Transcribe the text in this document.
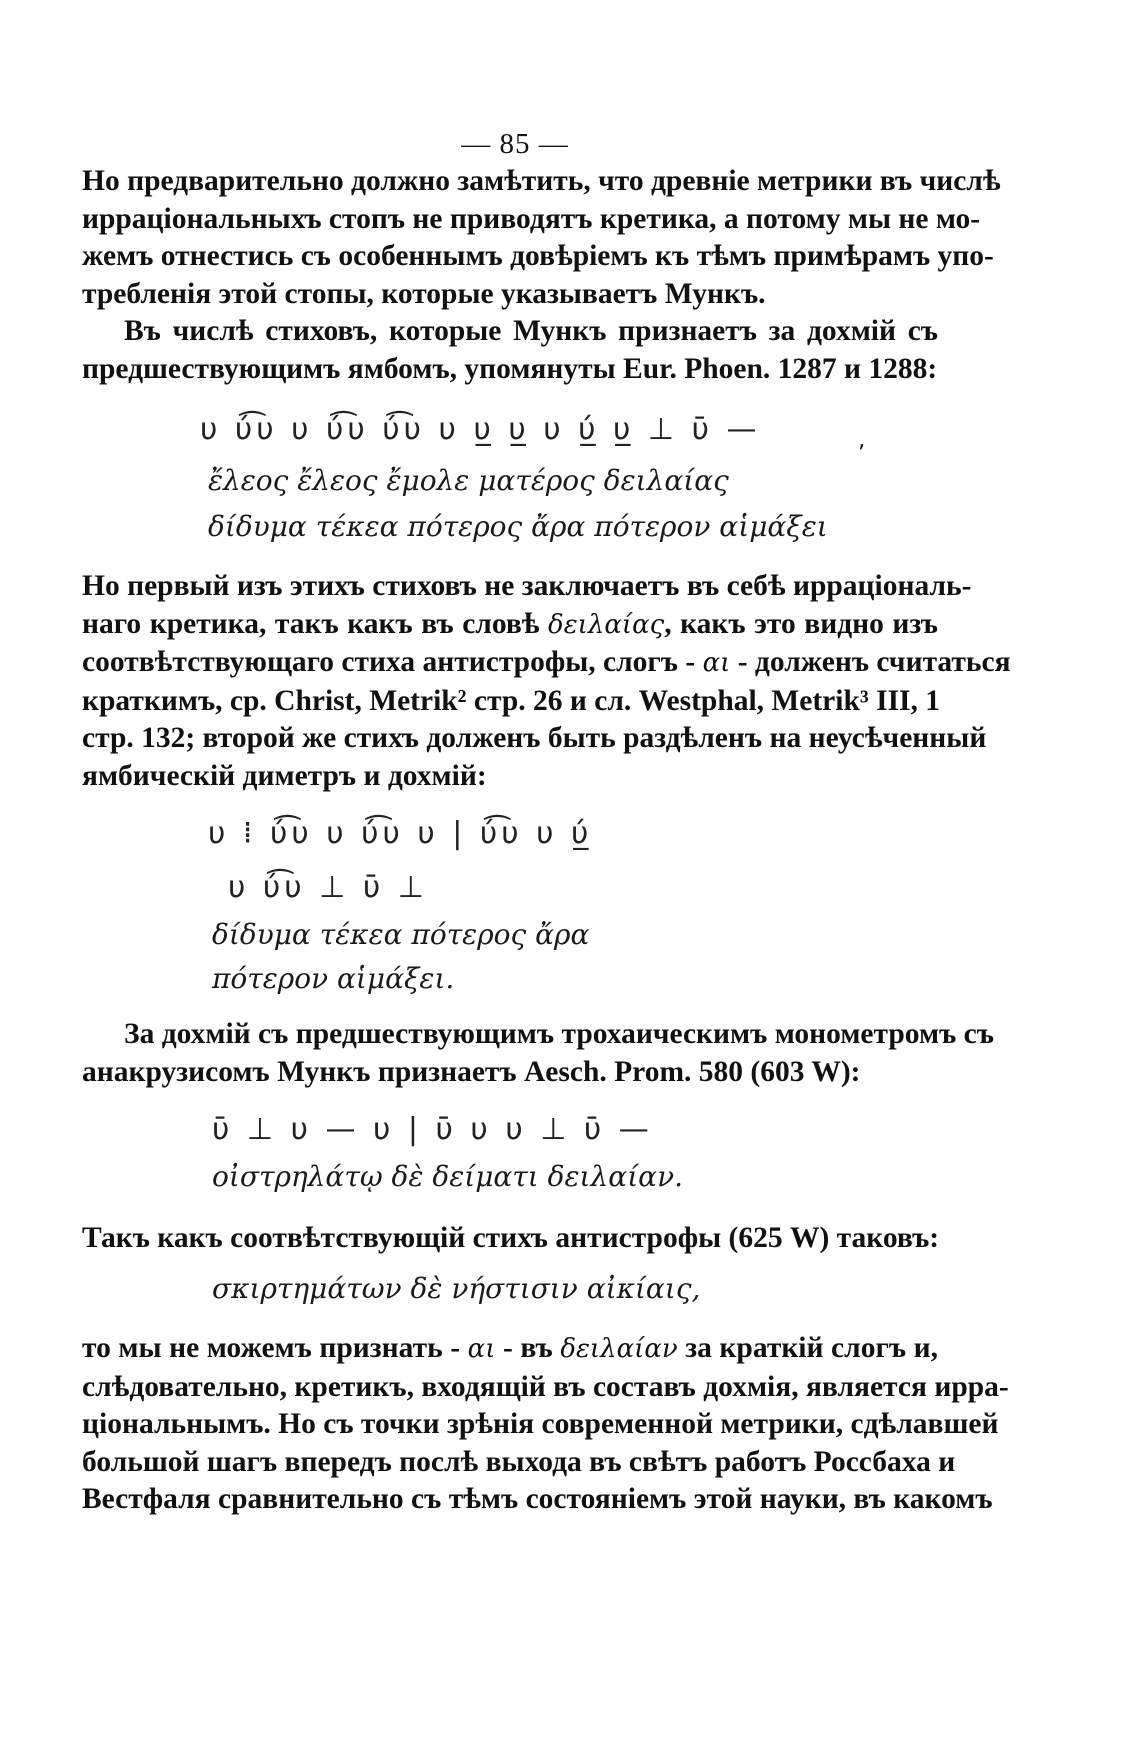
— 85 —
Но предварительно должно замѣтить, что древніе метрики въ числѣ
ирраціональныхъ стопъ не приводятъ кретика, а потому мы не мо-
жемъ отнестись съ особеннымъ довѣріемъ къ тѣмъ примѣрамъ упо-
требленія этой стопы, которые указываетъ Мункъ.
Въ числѣ стиховъ, которые Мункъ признаетъ за дохмій съ
предшествующимъ ямбомъ, упомянуты Eur. Phoen. 1287 и 1288:
υ ύ͡υ υ ύ͡υ ύ͡υ υ υ̲ υ̲ υ ύ̲ υ̲ ⊥ ῡ —	‚
ἔλεος ἔλεος ἔμολε ματέρος δειλαίας
δίδυμα τέκεα πότερος ἄρα πότερον αἱμάξει
Но первый изъ этихъ стиховъ не заключаетъ въ себѣ ирраціональ-
наго кретика, такъ какъ въ словѣ δειλαίας, какъ это видно изъ
соотвѣтствующаго стиха антистрофы, слогъ - αι - долженъ считаться
краткимъ, ср. Christ, Metrik² стр. 26 и сл. Westphal, Metrik³ III, 1
стр. 132; второй же стихъ долженъ быть раздѣленъ на неусѣченный
ямбическій диметръ и дохмій:
υ ⁞ ύ͡υ υ ύ͡υ υ | ύ͡υ υ ύ̲
υ ύ͡υ ⊥ ῡ ⊥
δίδυμα τέκεα πότερος ἄρα
πότερον αἱμάξει.
За дохмій съ предшествующимъ трохаическимъ монометромъ съ
анакрузисомъ Мункъ признаетъ Aesch. Prom. 580 (603 W):
ῡ ⊥ υ — υ | ῡ υ υ ⊥ ῡ —
οἰστρηλάτῳ δὲ δείματι δειλαίαν.
Такъ какъ соотвѣтствующій стихъ антистрофы (625 W) таковъ:
σκιρτημάτων δὲ νήστισιν αἰκίαις,
то мы не можемъ признать - αι - въ δειλαίαν за краткій слогъ и,
слѣдовательно, кретикъ, входящій въ составъ дохмія, является ирра-
ціональнымъ. Но съ точки зрѣнія современной метрики, сдѣлавшей
большой шагъ впередъ послѣ выхода въ свѣтъ работъ Россбаха и
Вестфаля сравнительно съ тѣмъ состояніемъ этой науки, въ какомъ
